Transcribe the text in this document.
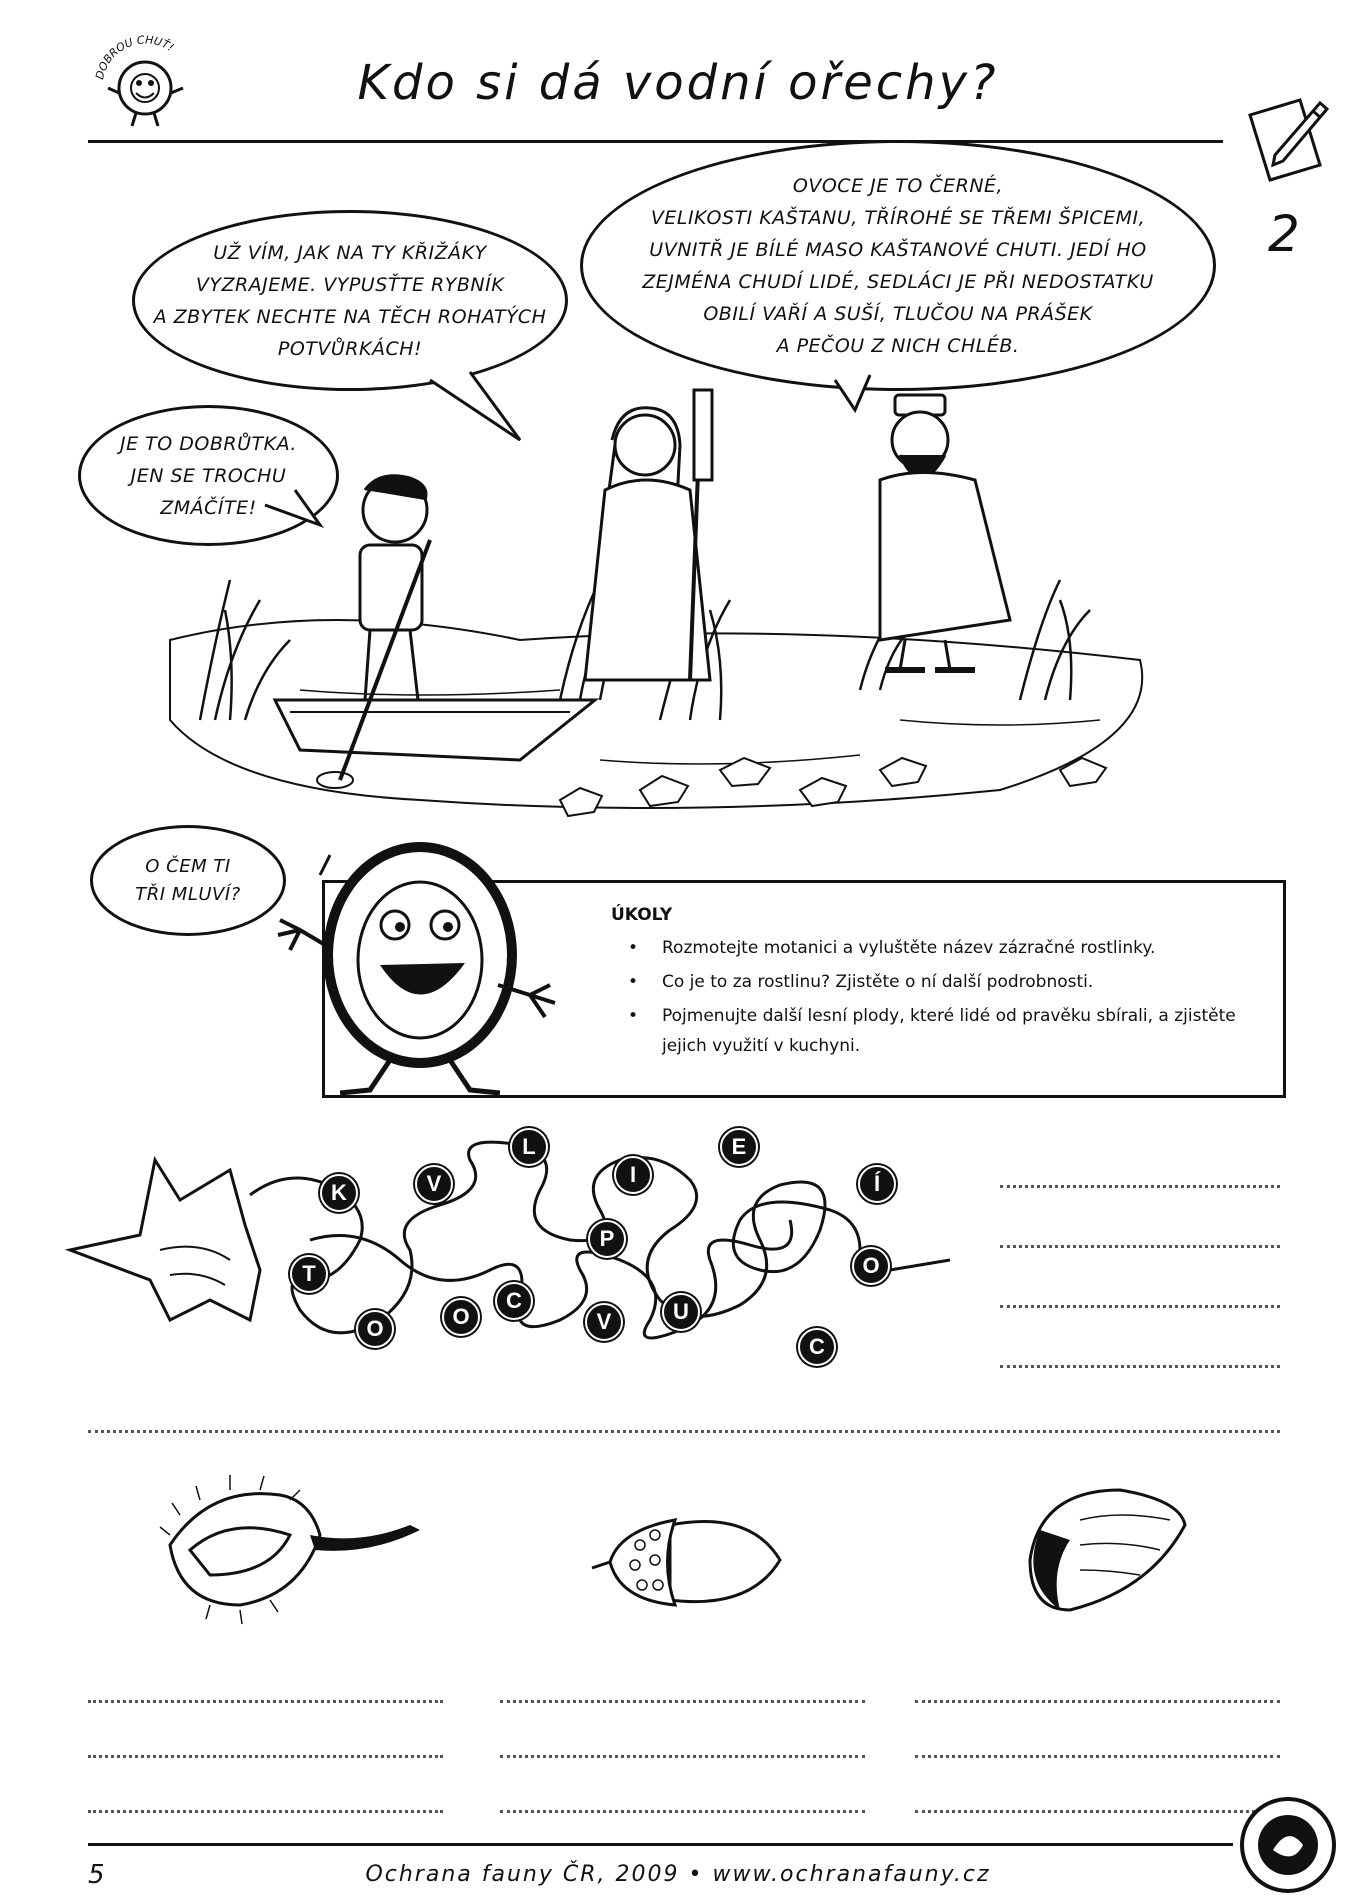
DOBROU CHUŤ!
Kdo si dá vodní ořechy?
2
UŽ VÍM, JAK NA TY KŘIŽÁKY
VYZRAJEME. VYPUSŤTE RYBNÍK
A ZBYTEK NECHTE NA TĚCH ROHATÝCH
POTVŮRKÁCH!
OVOCE JE TO ČERNÉ,
VELIKOSTI KAŠTANU, TŘÍROHÉ SE TŘEMI ŠPICEMI,
UVNITŘ JE BÍLÉ MASO KAŠTANOVÉ CHUTI. JEDÍ HO
ZEJMÉNA CHUDÍ LIDÉ, SEDLÁCI JE PŘI NEDOSTATKU
OBILÍ VAŘÍ A SUŠÍ, TLUČOU NA PRÁŠEK
A PEČOU Z NICH CHLÉB.
JE TO DOBRŮTKA.
JEN SE TROCHU
ZMÁČÍTE!
O ČEM TI
TŘI MLUVÍ?
ÚKOLY
• Rozmotejte motanici a vyluštěte název zázračné rostlinky.
• Co je to za rostlinu? Zjistěte o ní další podrobnosti.
• Pojmenujte další lesní plody, které lidé od pravěku sbírali, a zjistěte jejich využití v kuchyni.
K	V
L
I
E
Í
T
P
O	O
O
C
V	U
C
5	Ochrana fauny ČR, 2009 • www.ochranafauny.cz
